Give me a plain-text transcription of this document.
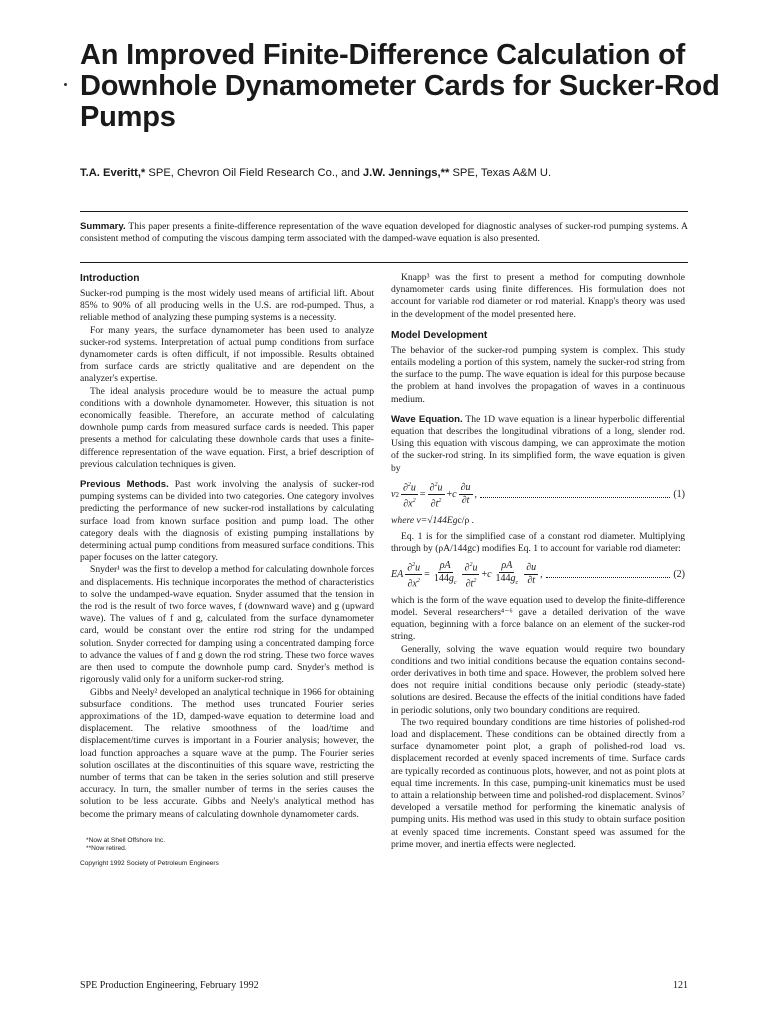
An Improved Finite-Difference Calculation of Downhole Dynamometer Cards for Sucker-Rod Pumps
T.A. Everitt,* SPE, Chevron Oil Field Research Co., and J.W. Jennings,** SPE, Texas A&M U.

Summary. This paper presents a finite-difference representation of the wave equation developed for diagnostic analyses of sucker-rod pumping systems. A consistent method of computing the viscous damping term associated with the damped-wave equation is also presented.

Introduction

Sucker-rod pumping is the most widely used means of artificial lift. About 85% to 90% of all producing wells in the U.S. are rod-pumped. Thus, a reliable method of analyzing these pumping systems is a necessity.

For many years, the surface dynamometer has been used to analyze sucker-rod systems. Interpretation of actual pump conditions from surface dynamometer cards is often difficult, if not impossible. Results obtained from surface cards are strictly qualitative and are dependent on the analyzer's expertise.

The ideal analysis procedure would be to measure the actual pump conditions with a downhole dynamometer. However, this situation is not economically feasible. Therefore, an accurate method of calculating downhole pump cards from measured surface cards is needed. This paper presents a method for calculating these downhole cards that uses a finite-difference representation of the wave equation. First, a brief description of previous calculation techniques is given.

Previous Methods. Past work involving the analysis of sucker-rod pumping systems can be divided into two categories. One category involves predicting the performance of new sucker-rod installations by calculating surface load from known surface position and pump load. The other category deals with the diagnosis of existing pumping installations by determining actual pump conditions from measured surface conditions. This paper focuses on the latter category.

Snyder¹ was the first to develop a method for calculating downhole forces and displacements. His technique incorporates the method of characteristics to solve the undamped-wave equation. Snyder assumed that the tension in the rod is the result of two force waves, f (downward wave) and g (upward wave). The values of f and g, calculated from the surface dynamometer card, would be constant over the entire rod string for the undamped solution. Snyder corrected for damping using a concentrated damping force to advance the values of f and g down the rod string. These two force waves are then used to compute the downhole pump card. Snyder's method is rigorously valid only for a uniform sucker-rod string.

Gibbs and Neely² developed an analytical technique in 1966 for obtaining subsurface conditions. The method uses truncated Fourier series approximations of the 1D, damped-wave equation to determine load and displacement. The relative smoothness of the load/time and displacement/time curves is important in a Fourier analysis; however, the load function approaches a square wave at the pump. The Fourier series solution oscillates at the discontinuities of this square wave, restricting the number of terms that can be taken in the series solution and still preserve accuracy. In turn, the smaller number of terms in the series causes the solution to be less accurate. Gibbs and Neely's analytical method has become the primary means of calculating downhole dynamometer cards.

*Now at Shell Offshore Inc.
**Now retired.
Copyright 1992 Society of Petroleum Engineers

Knapp³ was the first to present a method for computing downhole dynamometer cards using finite differences. His formulation does not account for variable rod diameter or rod material. Knapp's theory was used in the development of the model presented here.

Model Development

The behavior of the sucker-rod pumping system is complex. This study entails modeling a portion of this system, namely the sucker-rod string from the surface to the pump. The wave equation is ideal for this purpose because the problem at hand involves the propagation of waves in a continuous medium.

Wave Equation. The 1D wave equation is a linear hyperbolic differential equation that describes the longitudinal vibrations of a long, slender rod. Using this equation with viscous damping, we can approximate the motion of the sucker-rod string. In its simplified form, the wave equation is given by

v $2 \frac{\partial^2u}{\partial x^2} = \frac{\partial^2u}{\partial t^2} +c \frac{\partial u}{\partial t}$ ,	(1)

where v=√144Egc/ρ .

Eq. 1 is for the simplified case of a constant rod diameter. Multiplying through by (ρA/144gc) modifies Eq. 1 to account for variable rod diameter:

EA $\frac{\partial^2u}{\partial x^2} = \frac{\rho A}{144g_c} \frac{\partial^2u}{\partial t^2} +c \frac{\rho A}{144g_c} \frac{\partial u}{\partial t}$ ,	(2)

which is the form of the wave equation used to develop the finite-difference model. Several researchers⁴⁻⁶ gave a detailed derivation of the wave equation, beginning with a force balance on an element of the sucker-rod string.

Generally, solving the wave equation would require two boundary conditions and two initial conditions because the equation contains second-order derivatives in both time and space. However, the problem solved here does not require initial conditions because only periodic (steady-state) solutions are desired. Because the effects of the initial conditions have faded in periodic solutions, only two boundary conditions are required.

The two required boundary conditions are time histories of polished-rod load and displacement. These conditions can be obtained directly from a surface dynamometer point plot, a graph of polished-rod load vs. displacement recorded at evenly spaced increments of time. Surface cards are typically recorded as continuous plots, however, and not as point plots at equal time increments. In this case, pumping-unit kinematics must be used to attain a relationship between time and polished-rod displacement. Svinos⁷ developed a versatile method for performing the kinematic analysis of pumping units. His method was used in this study to obtain surface position at evenly spaced time increments. Constant speed was assumed for the prime mover, and inertia effects were neglected.

SPE Production Engineering, February 1992	121
